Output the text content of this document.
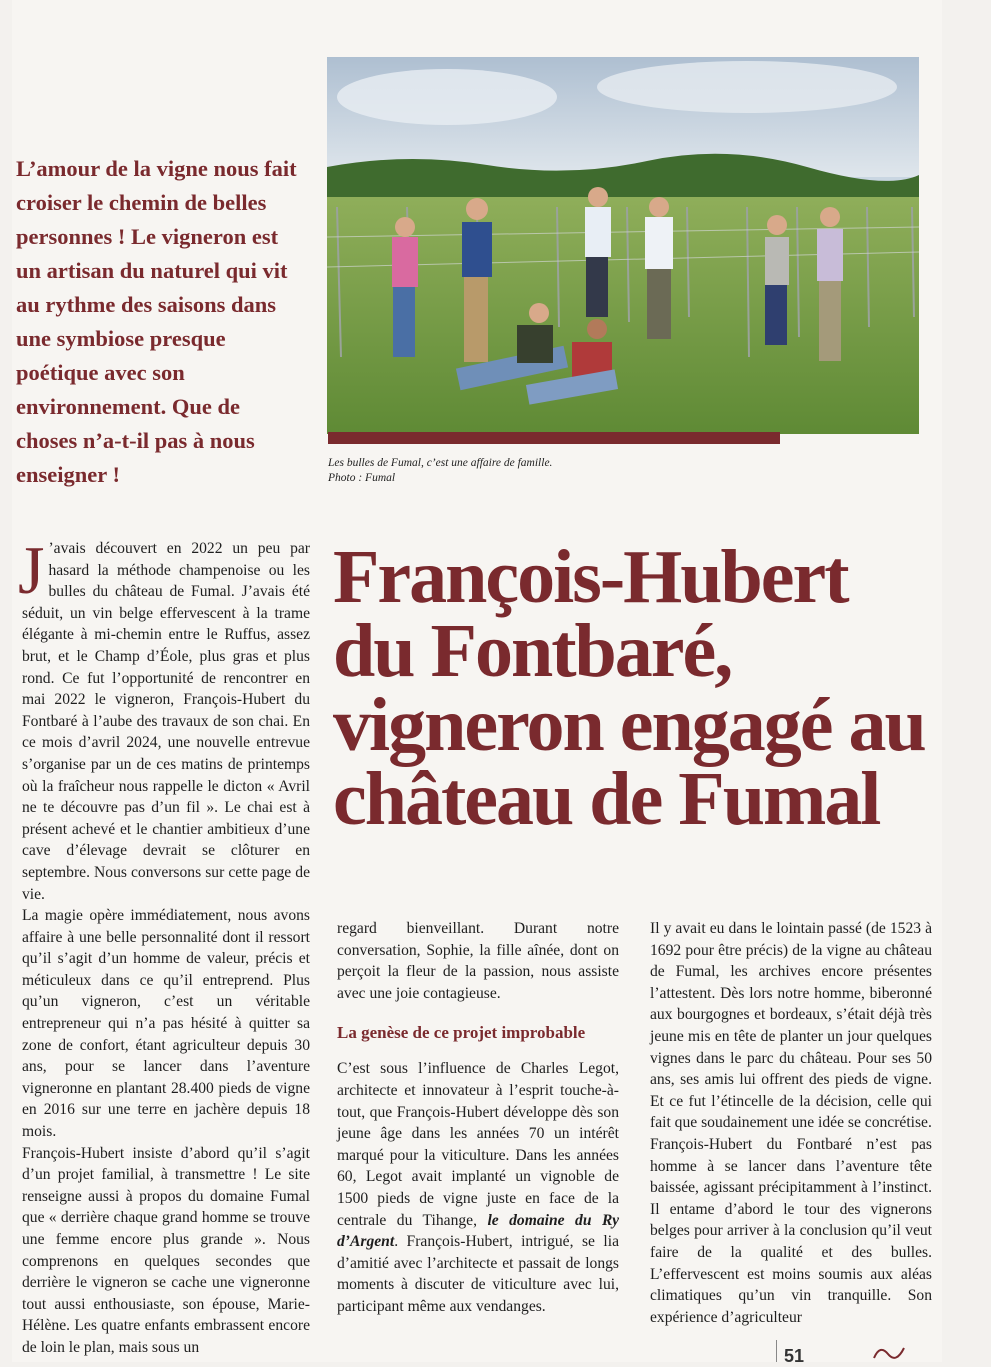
L’amour de la vigne nous fait croiser le chemin de belles personnes ! Le vigneron est un artisan du naturel qui vit au rythme des saisons dans une symbiose presque poétique avec son environnement. Que de choses n’a-t-il pas à nous enseigner !	Les bulles de Fumal, c’est une affaire de famille.
Photo : Fumal
François-Hubert du Fontbaré, vigneron engagé au château de Fumal

J ’avais découvert en 2022 un peu par hasard la méthode champenoise ou les bulles du château de Fumal. J’avais été séduit, un vin belge effervescent à la trame élégante à mi-chemin entre le Ruffus, assez brut, et le Champ d’Éole, plus gras et plus rond. Ce fut l’opportunité de rencontrer en mai 2022 le vigneron, François-Hubert du Fontbaré à l’aube des travaux de son chai. En ce mois d’avril 2024, une nouvelle entrevue s’organise par un de ces matins de printemps où la fraîcheur nous rappelle le dicton « Avril ne te découvre pas d’un fil ». Le chai est à présent achevé et le chantier ambitieux d’une cave d’élevage devrait se clôturer en septembre. Nous conversons sur cette page de vie.

La magie opère immédiatement, nous avons affaire à une belle personnalité dont il ressort qu’il s’agit d’un homme de valeur, précis et méticuleux dans ce qu’il entreprend. Plus qu’un vigneron, c’est un véritable entrepreneur qui n’a pas hésité à quitter sa zone de confort, étant agriculteur depuis 30 ans, pour se lancer dans l’aventure vigneronne en plantant 28.400 pieds de vigne en 2016 sur une terre en jachère depuis 18 mois.

François-Hubert insiste d’abord qu’il s’agit d’un projet familial, à transmettre ! Le site renseigne aussi à propos du domaine Fumal que « derrière chaque grand homme se trouve une femme encore plus grande ». Nous comprenons en quelques secondes que derrière le vigneron se cache une vigneronne tout aussi enthousiaste, son épouse, Marie-Hélène. Les quatre enfants embrassent encore de loin le plan, mais sous un

regard bienveillant. Durant notre conversation, Sophie, la fille aînée, dont on perçoit la fleur de la passion, nous assiste avec une joie contagieuse.

La genèse de ce projet improbable

C’est sous l’influence de Charles Legot, architecte et innovateur à l’esprit touche-à-tout, que François-Hubert développe dès son jeune âge dans les années 70 un intérêt marqué pour la viticulture. Dans les années 60, Legot avait implanté un vignoble de 1500 pieds de vigne juste en face de la centrale du Tihange, le domaine du Ry d’Argent. François-Hubert, intrigué, se lia d’amitié avec l’architecte et passait de longs moments à discuter de viticulture avec lui, participant même aux vendanges.

Il y avait eu dans le lointain passé (de 1523 à 1692 pour être précis) de la vigne au château de Fumal, les archives encore présentes l’attestent. Dès lors notre homme, biberonné aux bourgognes et bordeaux, s’était déjà très jeune mis en tête de planter un jour quelques vignes dans le parc du château. Pour ses 50 ans, ses amis lui offrent des pieds de vigne. Et ce fut l’étincelle de la décision, celle qui fait que soudainement une idée se concrétise.

François-Hubert du Fontbaré n’est pas homme à se lancer dans l’aventure tête baissée, agissant précipitamment à l’instinct. Il entame d’abord le tour des vignerons belges pour arriver à la conclusion qu’il veut faire de la qualité et des bulles. L’effervescent est moins soumis aux aléas climatiques qu’un vin tranquille. Son expérience d’agriculteur

51
